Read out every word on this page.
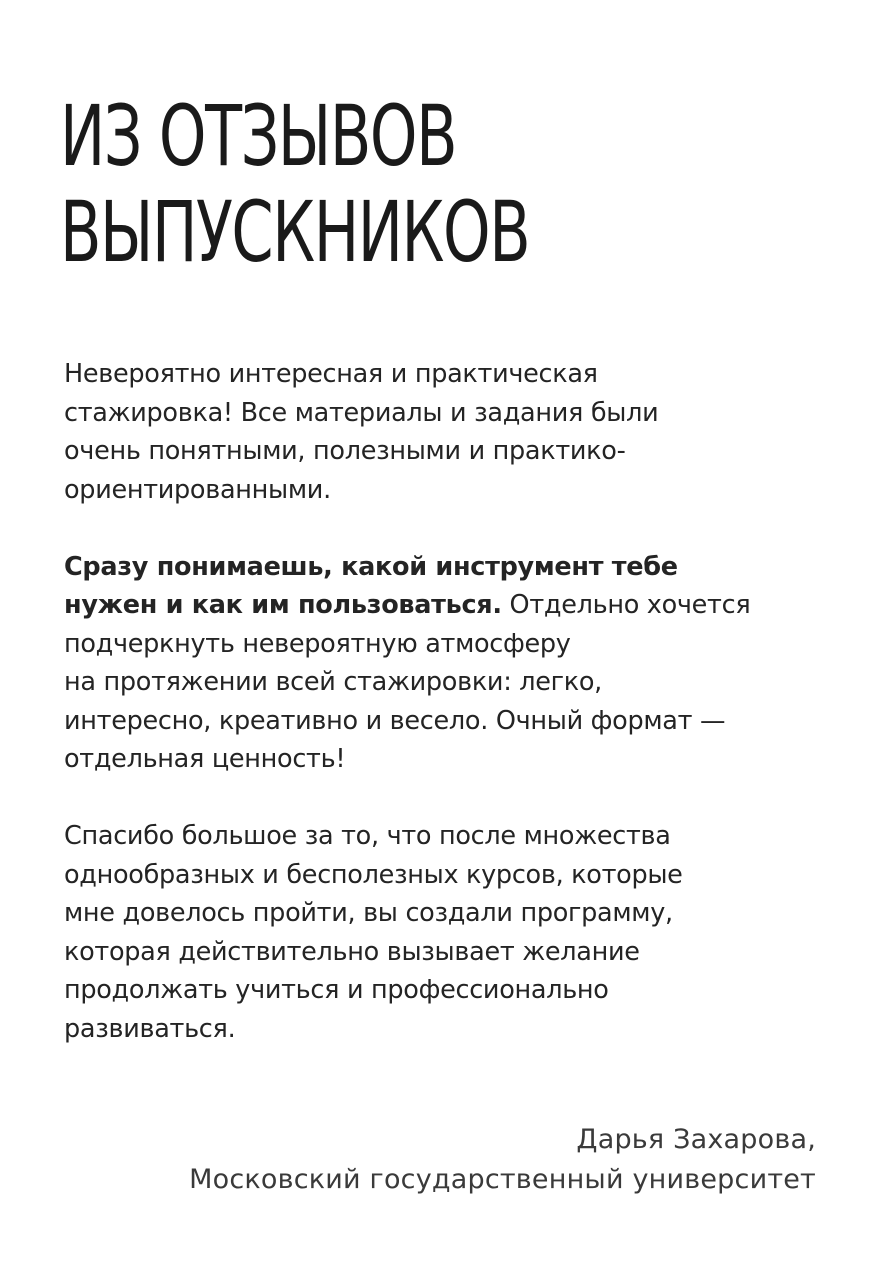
ИЗ ОТЗЫВОВ
ВЫПУСКНИКОВ

Невероятно интересная и практическая
стажировка! Все материалы и задания были
очень понятными, полезными и практико-
ориентированными.

Сразу понимаешь, какой инструмент тебе
нужен и как им пользоваться. Отдельно хочется
подчеркнуть невероятную атмосферу
на протяжении всей стажировки: легко,
интересно, креативно и весело. Очный формат —
отдельная ценность!

Спасибо большое за то, что после множества
однообразных и бесполезных курсов, которые
мне довелось пройти, вы создали программу,
которая действительно вызывает желание
продолжать учиться и профессионально
развиваться.

Дарья Захарова,
Московский государственный университет
